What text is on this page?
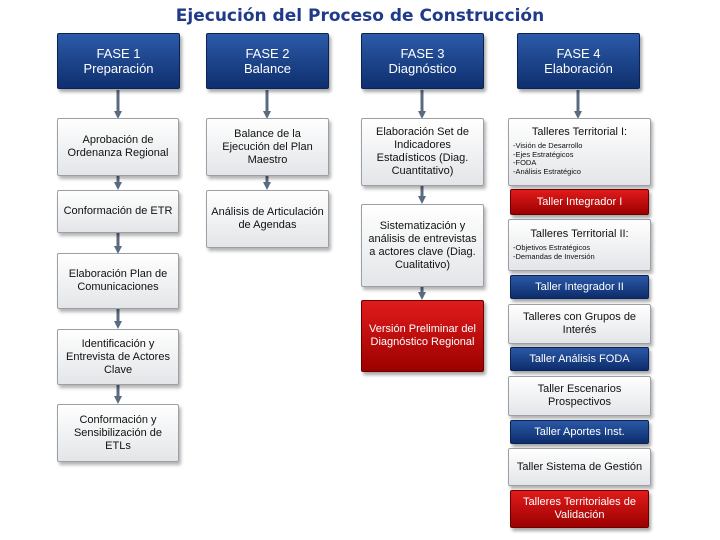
Ejecución del Proceso de Construcción
FASE 1
Preparación
FASE 2
Balance
FASE 3
Diagnóstico
FASE 4
Elaboración
Aprobación de Ordenanza Regional
Conformación de ETR
Elaboración Plan de Comunicaciones
Identificación y Entrevista de Actores Clave
Conformación y Sensibilización de ETLs
Balance de la Ejecución del Plan Maestro
Análisis de Articulación de Agendas
Elaboración Set de Indicadores Estadísticos (Diag. Cuantitativo)
Sistematización y análisis de entrevistas a actores clave (Diag. Cualitativo)
Versión Preliminar del Diagnóstico Regional
Talleres Territorial I:
-Visión de Desarrollo
-Ejes Estratégicos
-FODA
-Análisis Estratégico
Taller Integrador I
Talleres Territorial II:
-Objetivos Estratégicos
-Demandas de Inversión
Taller Integrador II
Talleres con Grupos de Interés
Taller Análisis FODA
Taller Escenarios Prospectivos
Taller Aportes Inst.
Taller Sistema de Gestión
Talleres Territoriales de Validación
